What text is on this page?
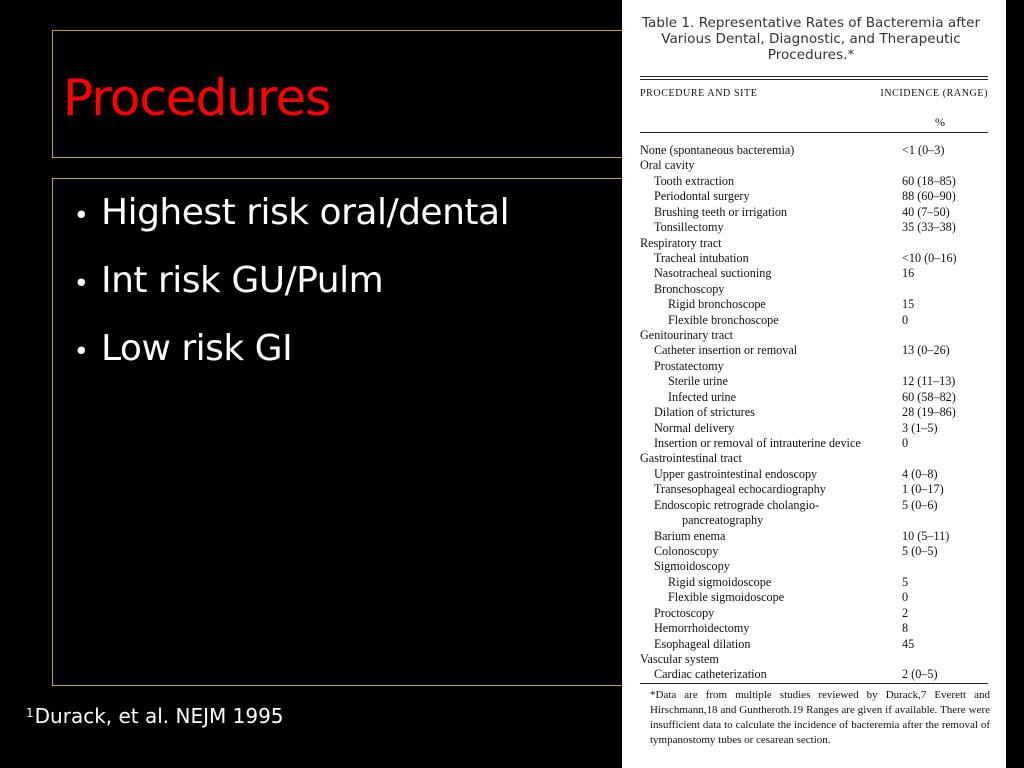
Procedures
• Highest risk oral/dental
• Int risk GU/Pulm
• Low risk GI
$^1$Durack, et al. NEJM 1995
Table 1. Representative Rates of Bacteremia after Various Dental, Diagnostic, and Therapeutic Procedures.*
PROCEDURE AND SITE	INCIDENCE (RANGE)
%
None (spontaneous bacteremia)	<1 (0–3)
Oral cavity
Tooth extraction	60 (18–85)
Periodontal surgery	88 (60–90)
Brushing teeth or irrigation	40 (7–50)
Tonsillectomy	35 (33–38)
Respiratory tract
Tracheal intubation	<10 (0–16)
Nasotracheal suctioning	16
Bronchoscopy
Rigid bronchoscope	15
Flexible bronchoscope	0
Genitourinary tract
Catheter insertion or removal	13 (0–26)
Prostatectomy
Sterile urine	12 (11–13)
Infected urine	60 (58–82)
Dilation of strictures	28 (19–86)
Normal delivery	3 (1–5)
Insertion or removal of intrauterine device	0
Gastrointestinal tract
Upper gastrointestinal endoscopy	4 (0–8)
Transesophageal echocardiography	1 (0–17)
Endoscopic retrograde cholangio-	5 (0–6)
pancreatography
Barium enema	10 (5–11)
Colonoscopy	5 (0–5)
Sigmoidoscopy
Rigid sigmoidoscope	5
Flexible sigmoidoscope	0
Proctoscopy	2
Hemorrhoidectomy	8
Esophageal dilation	45
Vascular system
Cardiac catheterization	2 (0–5)
*Data are from multiple studies reviewed by Durack,7 Everett and Hirschmann,18 and Guntheroth.19 Ranges are given if available. There were insufficient data to calculate the incidence of bacteremia after the removal of tympanostomy tubes or cesarean section.
